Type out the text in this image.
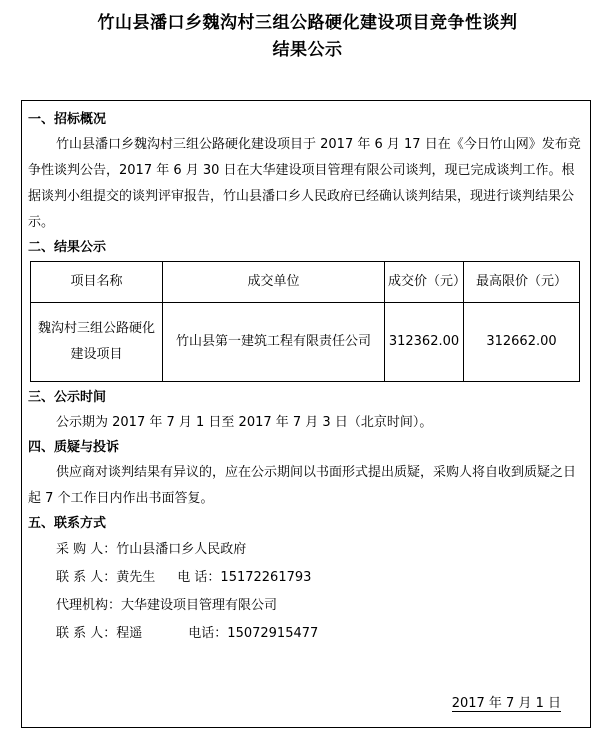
竹山县潘口乡魏沟村三组公路硬化建设项目竞争性谈判
结果公示
一、招标概况

竹山县潘口乡魏沟村三组公路硬化建设项目于 2017 年 6 月 17 日在《今日竹山网》发布竞争性谈判公告，2017 年 6 月 30 日在大华建设项目管理有限公司谈判，现已完成谈判工作。根据谈判小组提交的谈判评审报告，竹山县潘口乡人民政府已经确认谈判结果，现进行谈判结果公示。

二、结果公示
项目名称	成交单位	成交价（元）	最高限价（元）
魏沟村三组公路硬化建设项目	竹山县第一建筑工程有限责任公司	312362.00	312662.00
三、公示时间

公示期为 2017 年 7 月 1 日至 2017 年 7 月 3 日（北京时间）。

四、质疑与投诉

供应商对谈判结果有异议的，应在公示期间以书面形式提出质疑，采购人将自收到质疑之日起 7 个工作日内作出书面答复。

五、联系方式
采 购 人：竹山县潘口乡人民政府
联 系 人：黄先生 电 话：15172261793
代理机构：大华建设项目管理有限公司
联 系 人：程遥	电话：15072915477
2017 年 7 月 1 日
